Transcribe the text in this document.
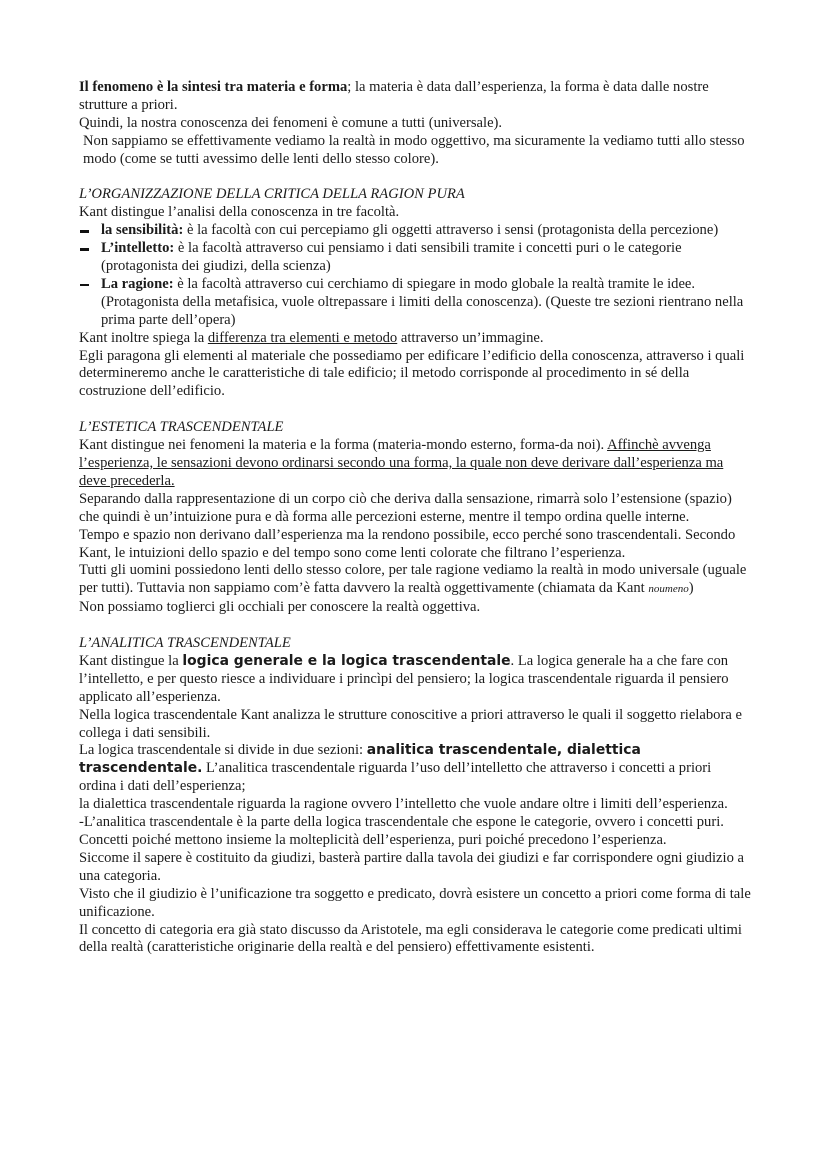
Il fenomeno è la sintesi tra materia e forma; la materia è data dall’esperienza, la forma è data dalle nostre strutture a priori.

Quindi, la nostra conoscenza dei fenomeni è comune a tutti (universale).

Non sappiamo se effettivamente vediamo la realtà in modo oggettivo, ma sicuramente la vediamo tutti allo stesso modo (come se tutti avessimo delle lenti dello stesso colore).

L’ORGANIZZAZIONE DELLA CRITICA DELLA RAGION PURA

Kant distingue l’analisi della conoscenza in tre facoltà.

la sensibilità: è la facoltà con cui percepiamo gli oggetti attraverso i sensi (protagonista della percezione)
L’intelletto: è la facoltà attraverso cui pensiamo i dati sensibili tramite i concetti puri o le categorie (protagonista dei giudizi, della scienza)
La ragione: è la facoltà attraverso cui cerchiamo di spiegare in modo globale la realtà tramite le idee. (Protagonista della metafisica, vuole oltrepassare i limiti della conoscenza). (Queste tre sezioni rientrano nella prima parte dell’opera)

Kant inoltre spiega la differenza tra elementi e metodo attraverso un’immagine.

Egli paragona gli elementi al materiale che possediamo per edificare l’edificio della conoscenza, attraverso i quali determineremo anche le caratteristiche di tale edificio; il metodo corrisponde al procedimento in sé della costruzione dell’edificio.

L’ESTETICA TRASCENDENTALE

Kant distingue nei fenomeni la materia e la forma (materia-mondo esterno, forma-da noi). Affinchè avvenga l’esperienza, le sensazioni devono ordinarsi secondo una forma, la quale non deve derivare dall’esperienza ma deve precederla.

Separando dalla rappresentazione di un corpo ciò che deriva dalla sensazione, rimarrà solo l’estensione (spazio) che quindi è un’intuizione pura e dà forma alle percezioni esterne, mentre il tempo ordina quelle interne.

Tempo e spazio non derivano dall’esperienza ma la rendono possibile, ecco perché sono trascendentali. Secondo Kant, le intuizioni dello spazio e del tempo sono come lenti colorate che filtrano l’esperienza.

Tutti gli uomini possiedono lenti dello stesso colore, per tale ragione vediamo la realtà in modo universale (uguale per tutti). Tuttavia non sappiamo com’è fatta davvero la realtà oggettivamente (chiamata da Kant noumeno)

Non possiamo toglierci gli occhiali per conoscere la realtà oggettiva.

L’ANALITICA TRASCENDENTALE

Kant distingue la logica generale e la logica trascendentale. La logica generale ha a che fare con l’intelletto, e per questo riesce a individuare i princìpi del pensiero; la logica trascendentale riguarda il pensiero applicato all’esperienza.

Nella logica trascendentale Kant analizza le strutture conoscitive a priori attraverso le quali il soggetto rielabora e collega i dati sensibili.

La logica trascendentale si divide in due sezioni: analitica trascendentale, dialettica trascendentale. L’analitica trascendentale riguarda l’uso dell’intelletto che attraverso i concetti a priori ordina i dati dell’esperienza;

la dialettica trascendentale riguarda la ragione ovvero l’intelletto che vuole andare oltre i limiti dell’esperienza.

-L’analitica trascendentale è la parte della logica trascendentale che espone le categorie, ovvero i concetti puri. Concetti poiché mettono insieme la molteplicità dell’esperienza, puri poiché precedono l’esperienza.

Siccome il sapere è costituito da giudizi, basterà partire dalla tavola dei giudizi e far corrispondere ogni giudizio a una categoria.

Visto che il giudizio è l’unificazione tra soggetto e predicato, dovrà esistere un concetto a priori come forma di tale unificazione.

Il concetto di categoria era già stato discusso da Aristotele, ma egli considerava le categorie come predicati ultimi della realtà (caratteristiche originarie della realtà e del pensiero) effettivamente esistenti.
